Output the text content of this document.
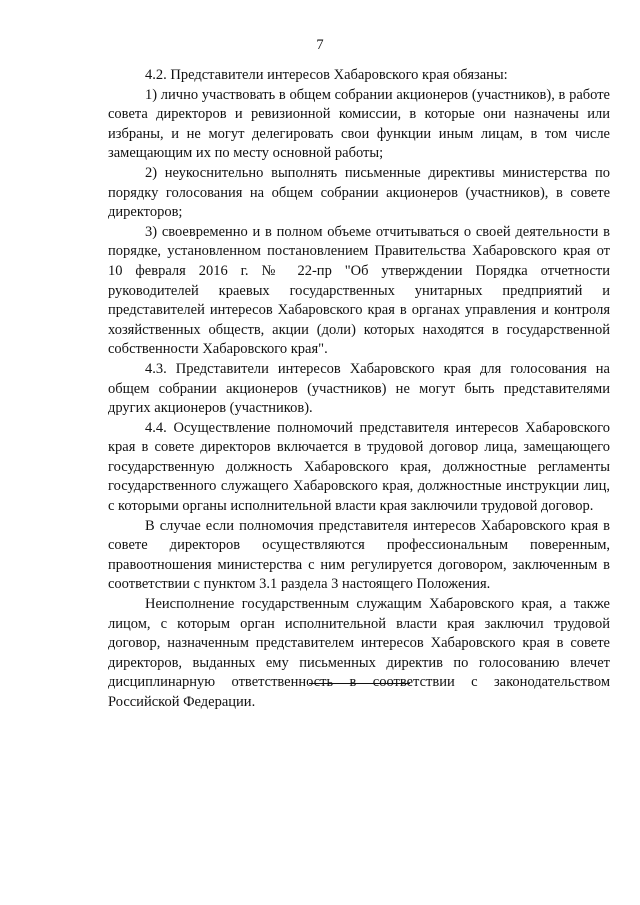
7

4.2. Представители интересов Хабаровского края обязаны:

1) лично участвовать в общем собрании акционеров (участников), в работе совета директоров и ревизионной комиссии, в которые они назначены или избраны, и не могут делегировать свои функции иным лицам, в том числе замещающим их по месту основной работы;

2) неукоснительно выполнять письменные директивы министерства по порядку голосования на общем собрании акционеров (участников), в совете директоров;

3) своевременно и в полном объеме отчитываться о своей деятельности в порядке, установленном постановлением Правительства Хабаровского края от 10 февраля 2016 г. № 22-пр "Об утверждении Порядка отчетности руководителей краевых государственных унитарных предприятий и представителей интересов Хабаровского края в органах управления и контроля хозяйственных обществ, акции (доли) которых находятся в государственной собственности Хабаровского края".

4.3. Представители интересов Хабаровского края для голосования на общем собрании акционеров (участников) не могут быть представителями других акционеров (участников).

4.4. Осуществление полномочий представителя интересов Хабаровского края в совете директоров включается в трудовой договор лица, замещающего государственную должность Хабаровского края, должностные регламенты государственного служащего Хабаровского края, должностные инструкции лиц, с которыми органы исполнительной власти края заключили трудовой договор.

В случае если полномочия представителя интересов Хабаровского края в совете директоров осуществляются профессиональным поверенным, правоотношения министерства с ним регулируется договором, заключенным в соответствии с пунктом 3.1 раздела 3 настоящего Положения.

Неисполнение государственным служащим Хабаровского края, а также лицом, с которым орган исполнительной власти края заключил трудовой договор, назначенным представителем интересов Хабаровского края в совете директоров, выданных ему письменных директив по голосованию влечет дисциплинарную ответственность в соответствии с законодательством Российской Федерации.
